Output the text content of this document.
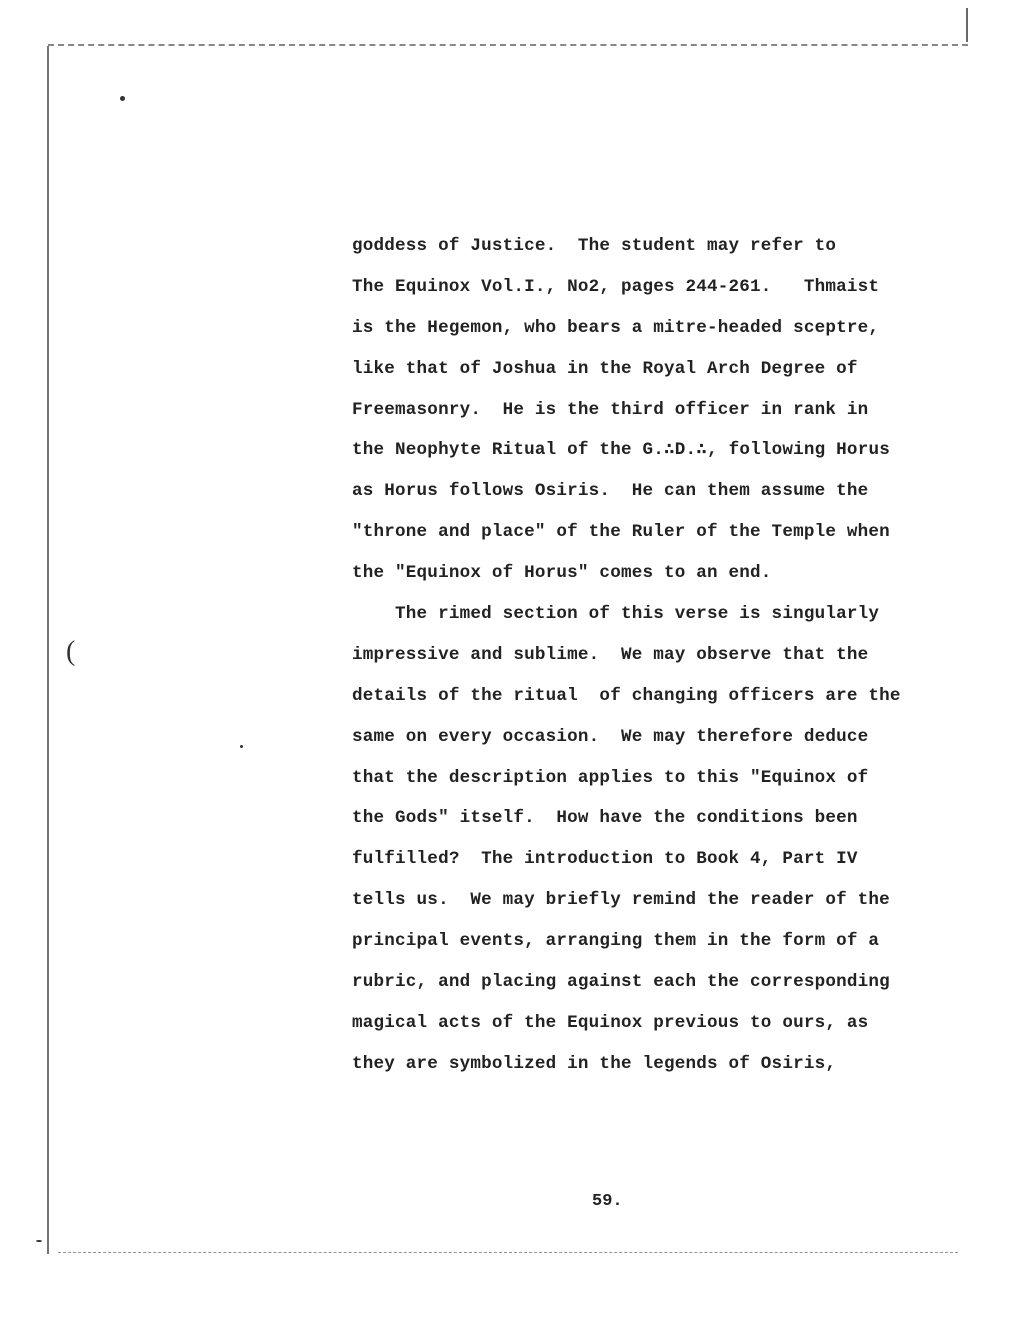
(
goddess of Justice.  The student may refer to
The Equinox Vol.I., No2, pages 244-261.   Thmaist
is the Hegemon, who bears a mitre-headed sceptre,
like that of Joshua in the Royal Arch Degree of
Freemasonry.  He is the third officer in rank in
the Neophyte Ritual of the G.∴D.∴, following Horus
as Horus follows Osiris.  He can them assume the
"throne and place" of the Ruler of the Temple when
the "Equinox of Horus" comes to an end.
The rimed section of this verse is singularly
impressive and sublime.  We may observe that the
details of the ritual  of changing officers are the
same on every occasion.  We may therefore deduce
that the description applies to this "Equinox of
the Gods" itself.  How have the conditions been
fulfilled?  The introduction to Book 4, Part IV
tells us.  We may briefly remind the reader of the
principal events, arranging them in the form of a
rubric, and placing against each the corresponding
magical acts of the Equinox previous to ours, as
they are symbolized in the legends of Osiris,
59.
